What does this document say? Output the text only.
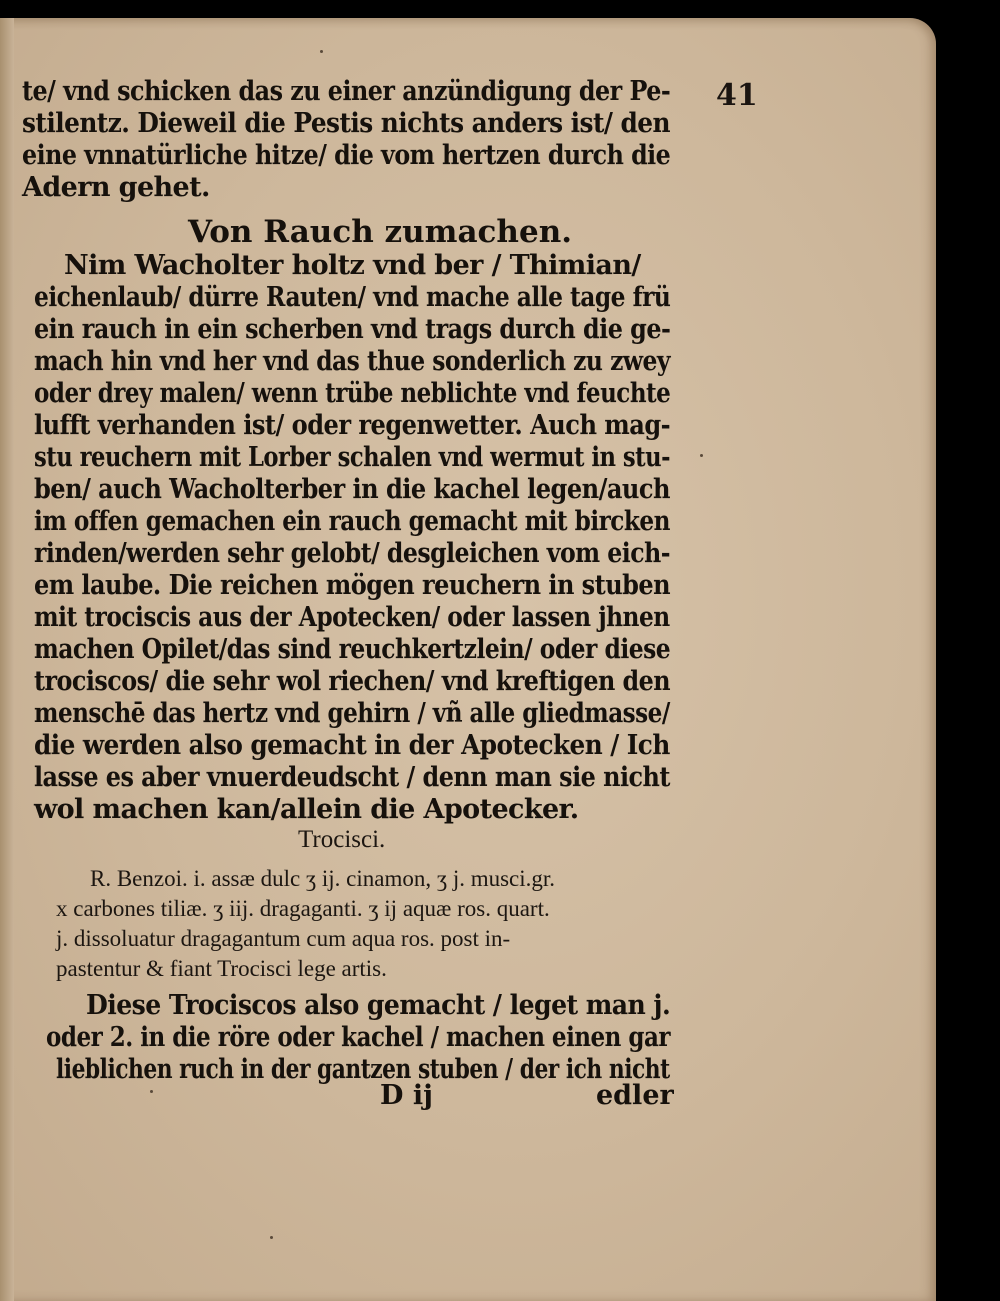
41
te/ vnd schicken das zu einer anzündigung der Pe-
stilentz. Dieweil die Pestis nichts anders ist/ den
eine vnnatürliche hitze/ die vom hertzen durch die
Adern gehet.
Von Rauch zumachen.
Nim Wacholter holtz vnd ber / Thimian/
eichenlaub/ dürre Rauten/ vnd mache alle tage frü
ein rauch in ein scherben vnd trags durch die ge-
mach hin vnd her vnd das thue sonderlich zu zwey
oder drey malen/ wenn trübe neblichte vnd feuchte
lufft verhanden ist/ oder regenwetter. Auch mag-
stu reuchern mit Lorber schalen vnd wermut in stu-
ben/ auch Wacholterber in die kachel legen/auch
im offen gemachen ein rauch gemacht mit bircken
rinden/werden sehr gelobt/ desgleichen vom eich-
em laube. Die reichen mögen reuchern in stuben
mit trociscis aus der Apotecken/ oder lassen jhnen
machen Opilet/das sind reuchkertzlein/ oder diese
trociscos/ die sehr wol riechen/ vnd kreftigen den
menschē das hertz vnd gehirn / vñ alle gliedmasse/
die werden also gemacht in der Apotecken / Ich
lasse es aber vnuerdeudscht / denn man sie nicht
wol machen kan/allein die Apotecker.
Trocisci.
R. Benzoi. i. assæ dulc ʒ ij. cinamon, ʒ j. musci.gr.
x carbones tiliæ. ʒ iij. dragaganti. ʒ ij aquæ ros. quart.
j. dissoluatur dragagantum cum aqua ros. post in-
pastentur & fiant Trocisci lege artis.
Diese Trociscos also gemacht / leget man j.
oder 2. in die röre oder kachel / machen einen gar
lieblichen ruch in der gantzen stuben / der ich nicht
D ij	edler
